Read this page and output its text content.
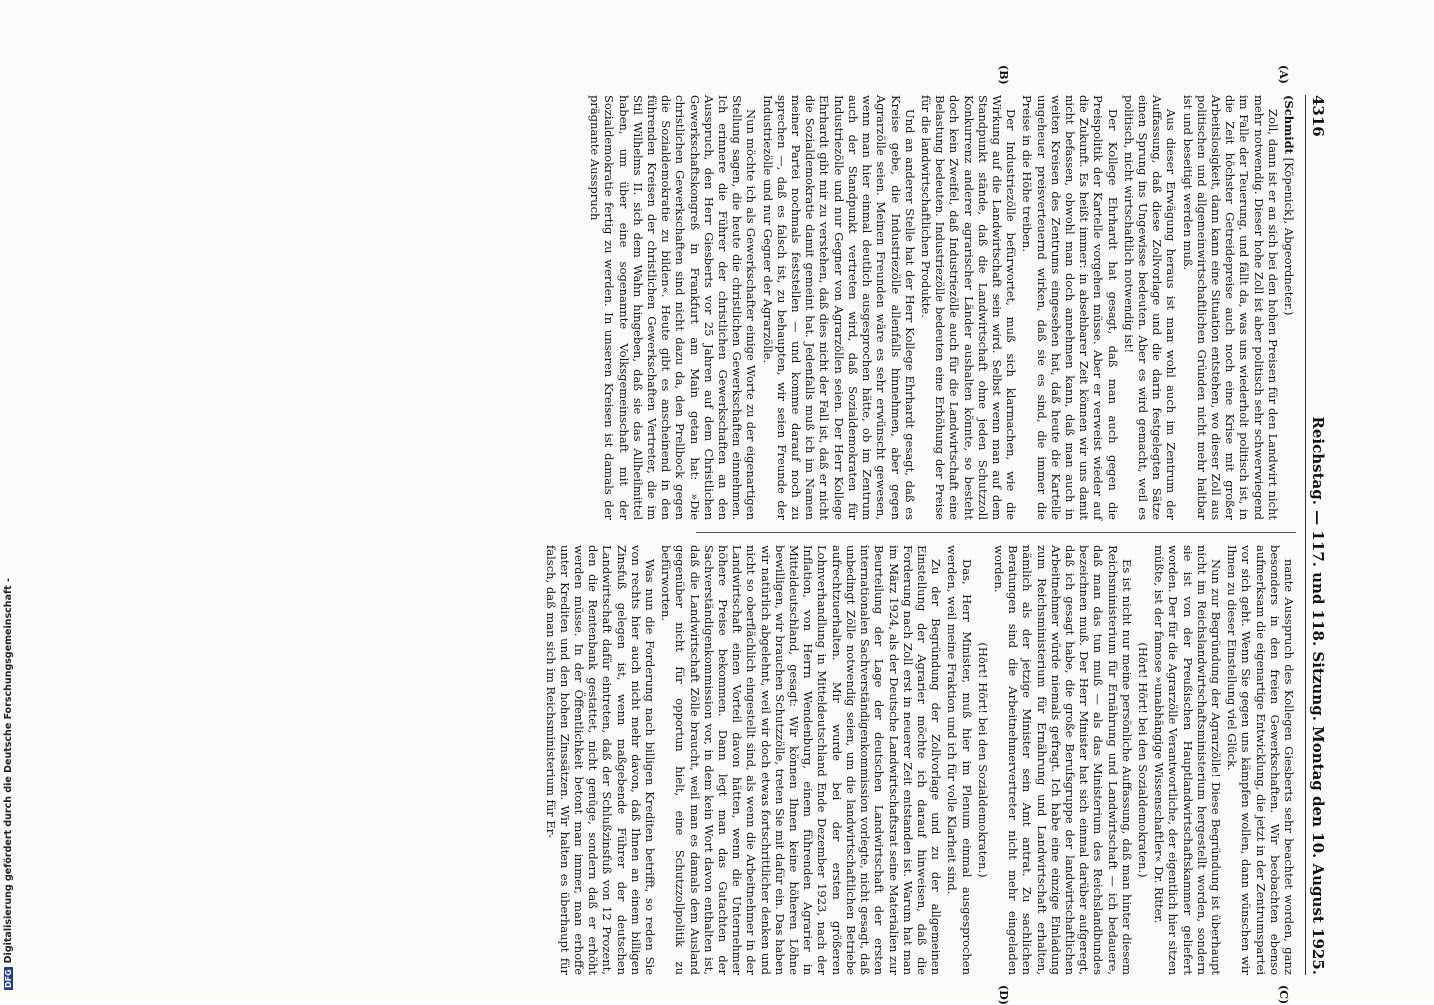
4316
Reichstag. — 117. und 118. Sitzung. Montag den 10. August 1925.

(Schmidt [Köpenick], Abgeordneter.)

Zoll, dann ist er an sich bei den hohen Preisen für den Landwirt nicht mehr notwendig. Dieser hohe Zoll ist aber politisch sehr schwerwiegend im Falle der Teuerung, und fällt da, was uns wiederholt politisch ist, in die Zeit höchster Getreidepreise auch noch eine Krise mit großer Arbeitslosigkeit, dann kann eine Situation entstehen, wo dieser Zoll aus politischen und allgemeinwirtschaftlichen Gründen nicht mehr haltbar ist und beseitigt werden muß.

Aus dieser Erwägung heraus ist man wohl auch im Zentrum der Auffassung, daß diese Zollvorlage und die darin festgelegten Sätze einen Sprung ins Ungewisse bedeuten. Aber es wird gemacht, weil es politisch, nicht wirtschaftlich notwendig ist!

Der Kollege Ehrhardt hat gesagt, daß man auch gegen die Preispolitik der Kartelle vorgehen müsse. Aber er verweist wieder auf die Zukunft. Es heißt immer: in absehbarer Zeit können wir uns damit nicht befassen, obwohl man doch annehmen kann, daß man auch in weiten Kreisen des Zentrums eingesehen hat, daß heute die Kartelle ungeheuer preisverteuernd wirken, daß sie es sind, die immer die Preise in die Höhe treiben.

Der Industriezölle befürwortet, muß sich klarmachen, wie die Wirkung auf die Landwirtschaft sein wird. Selbst wenn man auf dem Standpunkt stände, daß die Landwirtschaft ohne jeden Schutzzoll Konkurrenz anderer agrarischer Länder aushalten könnte, so besteht doch kein Zweifel, daß Industriezölle auch für die Landwirtschaft eine Belastung bedeuten. Industriezölle bedeuten eine Erhöhung der Preise für die landwirtschaftlichen Produkte.

Und an anderer Stelle hat der Herr Kollege Ehrhardt gesagt, daß es Kreise gebe, die Industriezölle allenfalls hinnehmen, aber gegen Agrarzölle seien. Meinen Freunden wäre es sehr erwünscht gewesen, wenn man hier einmal deutlich ausgesprochen hätte, ob im Zentrum auch der Standpunkt vertreten wird, daß Sozialdemokraten für Industriezölle und nur Gegner von Agrarzöllen seien. Der Herr Kollege Ehrhardt gibt mir zu verstehen, daß dies nicht der Fall ist, daß er nicht die Sozialdemokratie damit gemeint hat. Jedenfalls muß ich im Namen meiner Partei nochmals feststellen — und komme darauf noch zu sprechen —, daß es falsch ist, zu behaupten, wir seien Freunde der Industriezölle und nur Gegner der Agrarzölle.

Nun möchte ich als Gewerkschafter einige Worte zu der eigenartigen Stellung sagen, die heute die christlichen Gewerkschaften einnehmen. Ich erinnere die Führer der christlichen Gewerkschaften an den Ausspruch, den Herr Giesberts vor 25 Jahren auf dem Christlichen Gewerkschaftskongreß in Frankfurt am Main getan hat: »Die christlichen Gewerkschaften sind nicht dazu da, den Prellbock gegen die Sozialdemokratie zu bilden«. Heute gibt es anscheinend in den führenden Kreisen der christlichen Gewerkschaften Vertreter, die im Stil Wilhelms II. sich dem Wahn hingeben, daß sie das Allheilmittel haben, um über eine sogenannte Volksgemeinschaft mit der Sozialdemokratie fertig zu werden. In unseren Kreisen ist damals der prägnante Ausspruch

nante Ausspruch des Kollegen Giesberts sehr beachtet worden, ganz besonders in den freien Gewerkschaften. Wir beobachten ebenso aufmerksam die eigenartige Entwicklung, die jetzt in der Zentrumspartei vor sich geht. Wenn Sie gegen uns kämpfen wollen, dann wünschen wir Ihnen zu dieser Einstellung viel Glück.

Nun zur Begründung der Agrarzölle! Diese Begründung ist überhaupt nicht im Reichslandwirtschaftsministerium hergestellt worden, sondern sie ist von der Preußischen Hauptlandwirtschaftskammer geliefert worden. Der für die Agrarzölle Verantwortliche, der eigentlich hier sitzen müßte, ist der famose »unabhängige Wissenschaftler« Dr. Ritter.

(Hört! Hört! bei den Sozialdemokraten.)

Es ist nicht nur meine persönliche Auffassung, daß man hinter diesem Reichsministerium für Ernährung und Landwirtschaft — ich bedauere, daß man das tun muß — als das Ministerium des Reichslandbundes bezeichnen muß. Der Herr Minister hat sich einmal darüber aufgeregt, daß ich gesagt habe, die große Berufsgruppe der landwirtschaftlichen Arbeitnehmer würde niemals gefragt. Ich habe eine einzige Einladung zum Reichsministerium für Ernährung und Landwirtschaft erhalten, nämlich als der jetzige Minister sein Amt antrat. Zu sachlichen Beratungen sind die Arbeitnehmervertreter nicht mehr eingeladen worden.

(Hört! Hört! bei den Sozialdemokraten.)

Das, Herr Minister, muß hier im Plenum einmal ausgesprochen werden, weil meine Fraktion und ich für volle Klarheit sind.

Zu der Begründung der Zollvorlage und zu der allgemeinen Einstellung der Agrarier möchte ich darauf hinweisen, daß die Forderung nach Zoll erst in neuerer Zeit entstanden ist. Warum hat man im März 1924, als der Deutsche Landwirtschaftsrat seine Materialien zur Beurteilung der Lage der deutschen Landwirtschaft der ersten internationalen Sachverständigenkommission vorlegte, nicht gesagt, daß unbedingt Zölle notwendig seien, um die landwirtschaftlichen Betriebe aufrechtzuerhalten. Mir wurde bei der ersten größeren Lohnverhandlung in Mitteldeutschland Ende Dezember 1923, nach der Inflation, von Herrn Wendenburg, einem führenden Agrarier in Mitteldeutschland, gesagt: Wir können Ihnen keine höheren Löhne bewilligen, wir brauchen Schutzzölle, treten Sie mit dafür ein. Das haben wir natürlich abgelehnt, weil wir doch etwas fortschrittlicher denken und nicht so oberflächlich eingestellt sind, als wenn die Arbeitnehmer in der Landwirtschaft einen Vorteil davon hätten, wenn die Unternehmer höhere Preise bekommen. Dann legt man das Gutachten der Sachverständigenkommission vor, in dem kein Wort davon enthalten ist, daß die Landwirtschaft Zölle braucht, weil man es damals dem Ausland gegenüber nicht für opportun hielt, eine Schutzzollpolitik zu befürworten.

Was nun die Forderung nach billigen Krediten betrifft, so reden Sie von rechts hier auch nicht mehr davon, daß Ihnen an einem billigen Zinsfuß gelegen ist, wenn maßgebende Führer der deutschen Landwirtschaft dafür eintreten, daß der Schlußzinsfuß von 12 Prozent, den die Rentenbank gestattet, nicht genüge, sondern daß er erhöht werden müsse. In der Öffentlichkeit betont man immer, man erhoffe unter Krediten und den hohen Zinssätzen. Wir halten es überhaupt für falsch, daß man sich im Reichsministerium für Er-

(A)
(B)
(C)
(D)
DFG
Digitalisierung gefördert durch die Deutsche Forschungsgemeinschaft -
